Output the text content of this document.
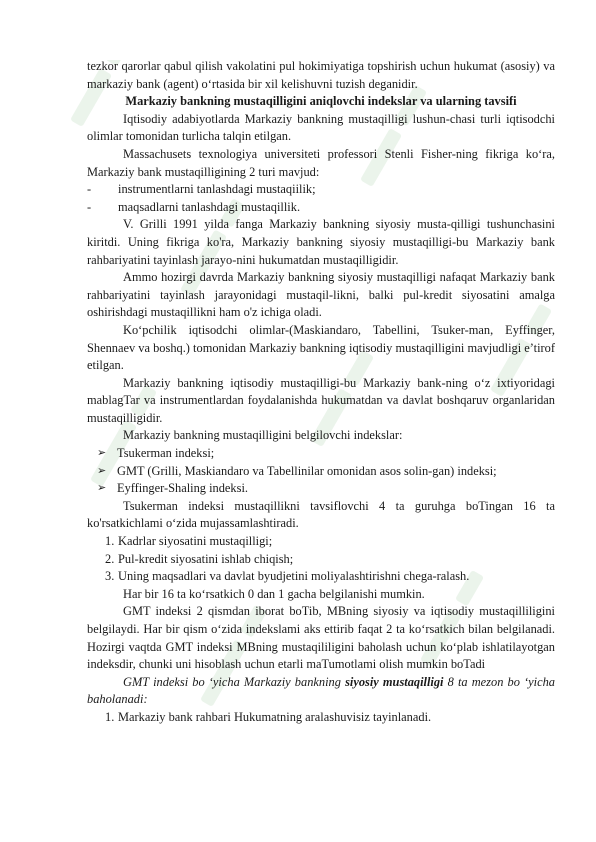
tezkor qarorlar qabul qilish vakolatini pul hokimiyatiga topshirish uchun hukumat (asosiy) va markaziy bank (agent) o‘rtasida bir xil kelishuvni tuzish deganidir.

Markaziy bankning mustaqilligini aniqlovchi indekslar va ularning tavsifi

Iqtisodiy adabiyotlarda Markaziy bankning mustaqilligi lushun-chasi turli iqtisodchi olimlar tomonidan turlicha talqin etilgan.

Massachusets texnologiya universiteti professori Stenli Fisher-ning fikriga ko‘ra, Markaziy bank mustaqilligining 2 turi mavjud:

- instrumentlarni tanlashdagi mustaqiilik;
- maqsadlarni tanlashdagi mustaqillik.

V. Grilli 1991 yilda fanga Markaziy bankning siyosiy musta-qilligi tushunchasini kiritdi. Uning fikriga ko'ra, Markaziy bankning siyosiy mustaqilligi-bu Markaziy bank rahbariyatini tayinlash jarayo-nini hukumatdan mustaqilligidir.

Ammo hozirgi davrda Markaziy bankning siyosiy mustaqilligi nafaqat Markaziy bank rahbariyatini tayinlash jarayonidagi mustaqil-likni, balki pul-kredit siyosatini amalga oshirishdagi mustaqillikni ham o'z ichiga oladi.

Ko‘pchilik iqtisodchi olimlar-(Maskiandaro, Tabellini, Tsuker-man, Eyffinger, Shennaev va boshq.) tomonidan Markaziy bankning iqtisodiy mustaqilligini mavjudligi e’tirof etilgan.

Markaziy bankning iqtisodiy mustaqilligi-bu Markaziy bank-ning o‘z ixtiyoridagi mablagTar va instrumentlardan foydalanishda hukumatdan va davlat boshqaruv organlaridan mustaqilligidir.

Markaziy bankning mustaqilligini belgilovchi indekslar:

➢ Tsukerman indeksi;
➢ GMT (Grilli, Maskiandaro va Tabellinilar omonidan asos solin-gan) indeksi;
➢ Eyffinger-Shaling indeksi.

Tsukerman indeksi mustaqillikni tavsiflovchi 4 ta guruhga boTingan 16 ta ko'rsatkichlami o‘zida mujassamlashtiradi.

1. Kadrlar siyosatini mustaqilligi;
2. Pul-kredit siyosatini ishlab chiqish;
3. Uning maqsadlari va davlat byudjetini moliyalashtirishni chega-ralash.

Har bir 16 ta ko‘rsatkich 0 dan 1 gacha belgilanishi mumkin.

GMT indeksi 2 qismdan iborat boTib, MBning siyosiy va iqtisodiy mustaqilliligini belgilaydi. Har bir qism o‘zida indekslami aks ettirib faqat 2 ta ko‘rsatkich bilan belgilanadi. Hozirgi vaqtda GMT indeksi MBning mustaqililigini baholash uchun ko‘plab ishlatilayotgan indeksdir, chunki uni hisoblash uchun etarli maTumotlami olish mumkin boTadi

GMT indeksi bo ‘yicha Markaziy bankning siyosiy mustaqilligi 8 ta mezon bo ‘yicha baholanadi:

1. Markaziy bank rahbari Hukumatning aralashuvisiz tayinlanadi.
